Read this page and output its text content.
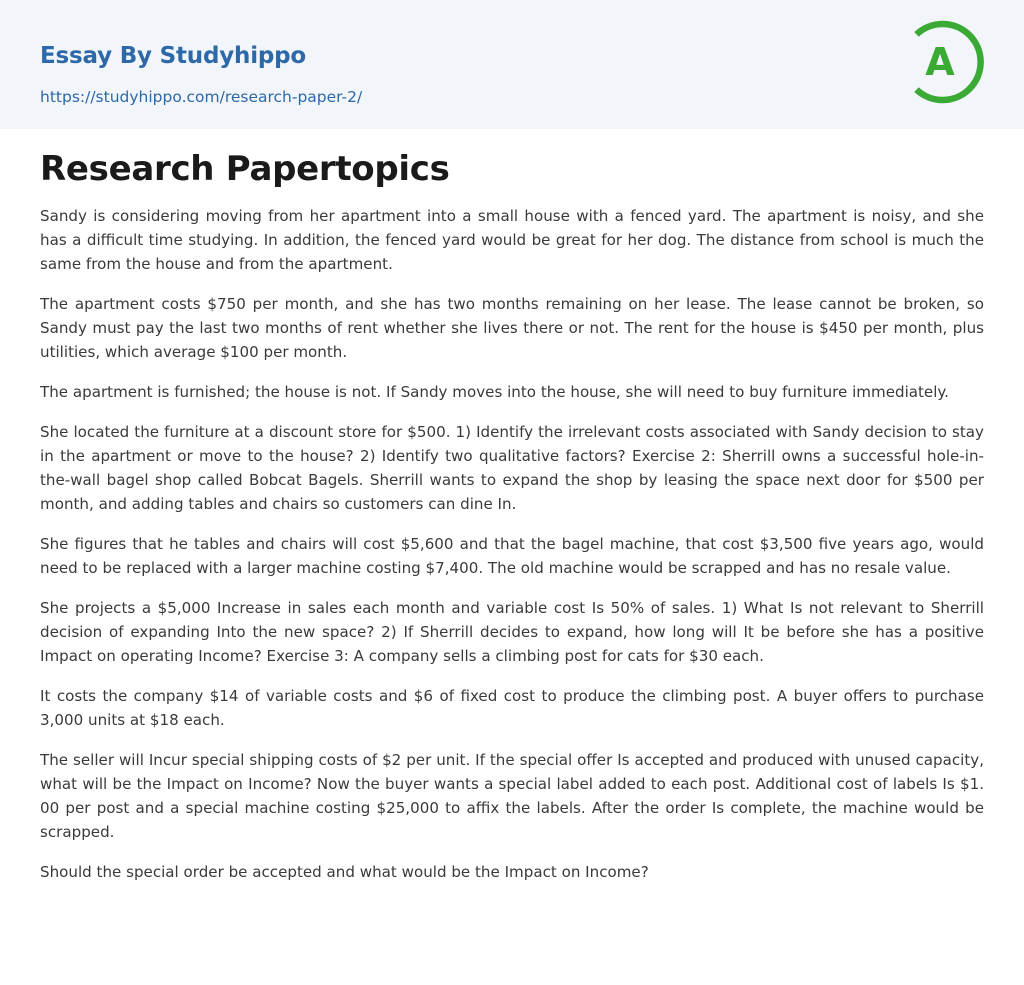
Essay By Studyhippo
https://studyhippo.com/research-paper-2/
A
Research Papertopics

Sandy is considering moving from her apartment into a small house with a fenced yard. The apartment is noisy, and she has a difficult time studying. In addition, the fenced yard would be great for her dog. The distance from school is much the same from the house and from the apartment.

The apartment costs $750 per month, and she has two months remaining on her lease. The lease cannot be broken, so Sandy must pay the last two months of rent whether she lives there or not. The rent for the house is $450 per month, plus utilities, which average $100 per month.

The apartment is furnished; the house is not. If Sandy moves into the house, she will need to buy furniture immediately.

She located the furniture at a discount store for $500. 1) Identify the irrelevant costs associated with Sandy decision to stay in the apartment or move to the house? 2) Identify two qualitative factors? Exercise 2: Sherrill owns a successful hole-in-the-wall bagel shop called Bobcat Bagels. Sherrill wants to expand the shop by leasing the space next door for $500 per month, and adding tables and chairs so customers can dine In.

She figures that he tables and chairs will cost $5,600 and that the bagel machine, that cost $3,500 five years ago, would need to be replaced with a larger machine costing $7,400. The old machine would be scrapped and has no resale value.

She projects a $5,000 Increase in sales each month and variable cost Is 50% of sales. 1) What Is not relevant to Sherrill decision of expanding Into the new space? 2) If Sherrill decides to expand, how long will It be before she has a positive Impact on operating Income? Exercise 3: A company sells a climbing post for cats for $30 each.

It costs the company $14 of variable costs and $6 of fixed cost to produce the climbing post. A buyer offers to purchase 3,000 units at $18 each.

The seller will Incur special shipping costs of $2 per unit. If the special offer Is accepted and produced with unused capacity, what will be the Impact on Income? Now the buyer wants a special label added to each post. Additional cost of labels Is $1. 00 per post and a special machine costing $25,000 to affix the labels. After the order Is complete, the machine would be scrapped.

Should the special order be accepted and what would be the Impact on Income?
